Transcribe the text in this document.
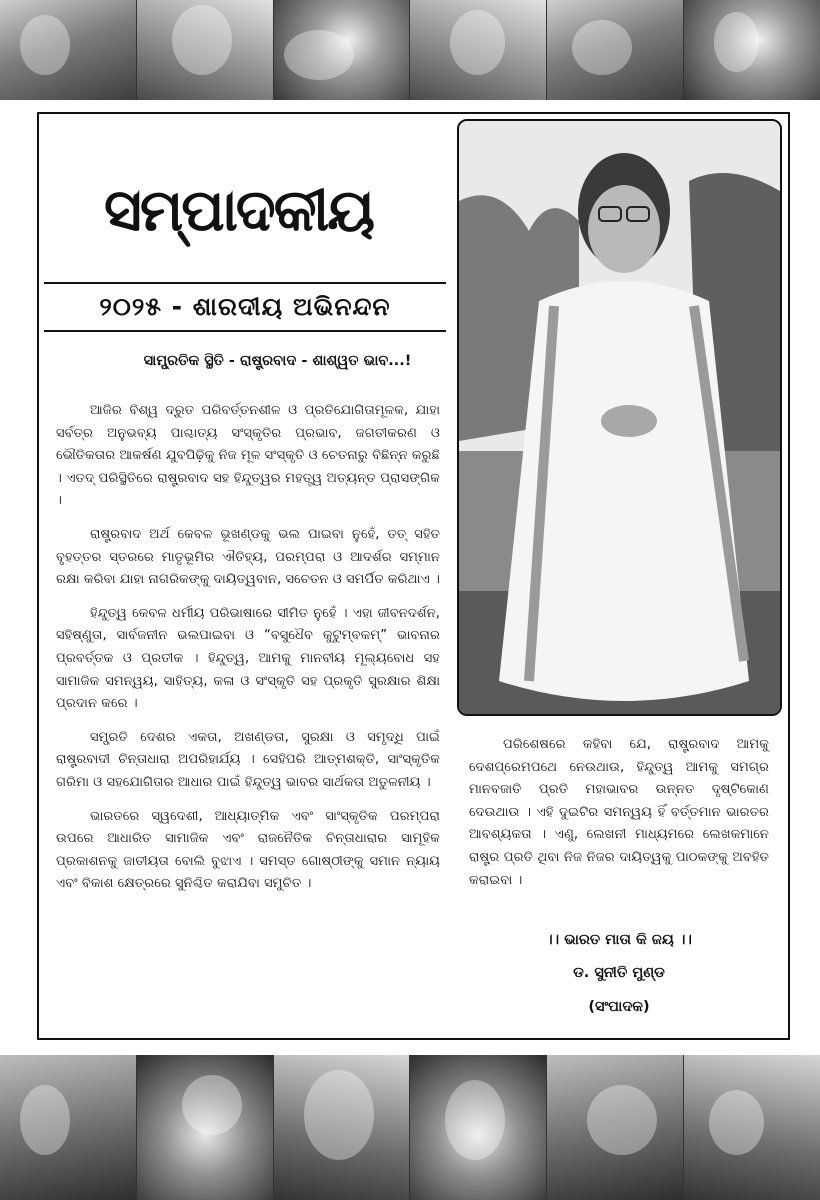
ସମ୍ପାଦକୀୟ
୨୦୨୫ - ଶାରଦୀୟ ଅଭିନନ୍ଦନ
ସାମ୍ପ୍ରତିକ ସ୍ଥିତି - ରାଷ୍ଟ୍ରବାଦ - ଶାଶ୍ୱତ ଭାବ...!

ଆଜିର ବିଶ୍ୱ ଦ୍ରୁତ ପରିବର୍ତ୍ତନଶୀଳ ଓ ପ୍ରତିଯୋଗିତାମୂଳକ, ଯାହା ସର୍ବତ୍ର ଅନୁଭବ୍ୟ ପାଶ୍ଚାତ୍ୟ ସଂସ୍କୃତିର ପ୍ରଭାବ, ଜଗତୀକରଣ ଓ ଭୌତିକତାର ଆକର୍ଷଣ ଯୁବପିଢ଼ିକୁ ନିଜ ମୂଳ ସଂସ୍କୃତି ଓ ଚେତନାରୁ ବିଛିନ୍ନ କରୁଛି । ଏତଦ୍ ପରିସ୍ଥିତିରେ ରାଷ୍ଟ୍ରବାଦ ସହ ହିନ୍ଦୁତ୍ୱର ମହତ୍ତ୍ୱ ଅତ୍ୟନ୍ତ ପ୍ରାସଙ୍ଗିକ ।

ରାଷ୍ଟ୍ରବାଦ ଅର୍ଥ କେବଳ ଭୂଖଣ୍ଡକୁ ଭଲ ପାଇବା ନୁହେଁ, ତତ୍ ସହିତ ବୃହତ୍ତର ସ୍ତରରେ ମାତୃଭୂମିର ଐତିହ୍ୟ, ପରମ୍ପରା ଓ ଆଦର୍ଶର ସମ୍ମାନ ରକ୍ଷା କରିବା ଯାହା ନାଗରିକଙ୍କୁ ଦାୟିତ୍ୱବାନ, ସଚେତନ ଓ ସମର୍ପିତ କରିଥାଏ ।

ହିନ୍ଦୁତ୍ୱ କେବଳ ଧର୍ମୀୟ ପରିଭାଷାରେ ସୀମିତ ନୁହେଁ । ଏହା ଜୀବନଦର୍ଶନ, ସହିଷ୍ଣୁତା, ସାର୍ବଜନୀନ ଭଲପାଇବା ଓ “ବସୁଧୈବ କୁଟୁମ୍ବକମ୍” ଭାବନାର ପ୍ରବର୍ତ୍ତକ ଓ ପ୍ରତୀକ । ହିନ୍ଦୁତ୍ୱ, ଆମକୁ ମାନବୀୟ ମୂଲ୍ୟବୋଧ ସହ ସାମାଜିକ ସମନ୍ୱୟ, ସାହିତ୍ୟ, କଳା ଓ ସଂସ୍କୃତି ସହ ପ୍ରକୃତି ସୁରକ୍ଷାର ଶିକ୍ଷା ପ୍ରଦାନ କରେ ।

ସମ୍ପ୍ରତି ଦେଶର ଏକତା, ଅଖଣ୍ଡତା, ସୁରକ୍ଷା ଓ ସମୃଦ୍ଧି ପାଇଁ ରାଷ୍ଟ୍ରବାଦୀ ଚିନ୍ତାଧାରା ଅପରିହାର୍ଯ୍ୟ । ସେହିପରି ଆତ୍ମଶକ୍ତି, ସାଂସ୍କୃତିକ ଗରିମା ଓ ସହଯୋଗିତାର ଆଧାର ପାଇଁ ହିନ୍ଦୁତ୍ୱ ଭାବର ସାର୍ଥକତା ଅତୁଳନୀୟ ।

ଭାରତରେ ସ୍ୱଦେଶୀ, ଆଧ୍ୟାତ୍ମିକ ଏବଂ ସାଂସ୍କୃତିକ ପରମ୍ପରା ଉପରେ ଆଧାରିତ ସାମାଜିକ ଏବଂ ରାଜନୈତିକ ଚିନ୍ତାଧାରାର ସାମୂହିକ ପ୍ରକାଶନକୁ ଜାତୀୟତା ବୋଲି ବୁଝାଏ । ସମସ୍ତ ଗୋଷ୍ଠୀଙ୍କୁ ସମାନ ନ୍ୟାୟ ଏବଂ ବିକାଶ କ୍ଷେତ୍ରରେ ସୁନିଶ୍ଚିତ କରାଯିବା ସମୁଚିତ ।

ପରିଶେଷରେ କହିବା ଯେ, ରାଷ୍ଟ୍ରବାଦ ଆମକୁ ଦେଶପ୍ରେମପଥେ ନେଉଥାଉ, ହିନ୍ଦୁତ୍ୱ ଆମକୁ ସମଗ୍ର ମାନବଜାତି ପ୍ରତି ମହାଭାବର ଉନ୍ନତ ଦୃଷ୍ଟିକୋଣ ଦେଉଥାଉ । ଏହି ଦୁଇଟିର ସମନ୍ୱୟ ହିଁ ବର୍ତ୍ତମାନ ଭାରତର ଆବଶ୍ୟକତା । ଏଣୁ, ଲେଖନୀ ମାଧ୍ୟମରେ ଲେଖକମାନେ ରାଷ୍ଟ୍ର ପ୍ରତି ଥିବା ନିଜ ନିଜର ଦାୟିତ୍ୱକୁ ପାଠକଙ୍କୁ ଅବହିତ କରାଇବା ।

।। ଭାରତ ମାତା କି ଜୟ ।।
ଡ. ସୁନୀତି ମୁଣ୍ଡ
(ସଂପାଦକ)
